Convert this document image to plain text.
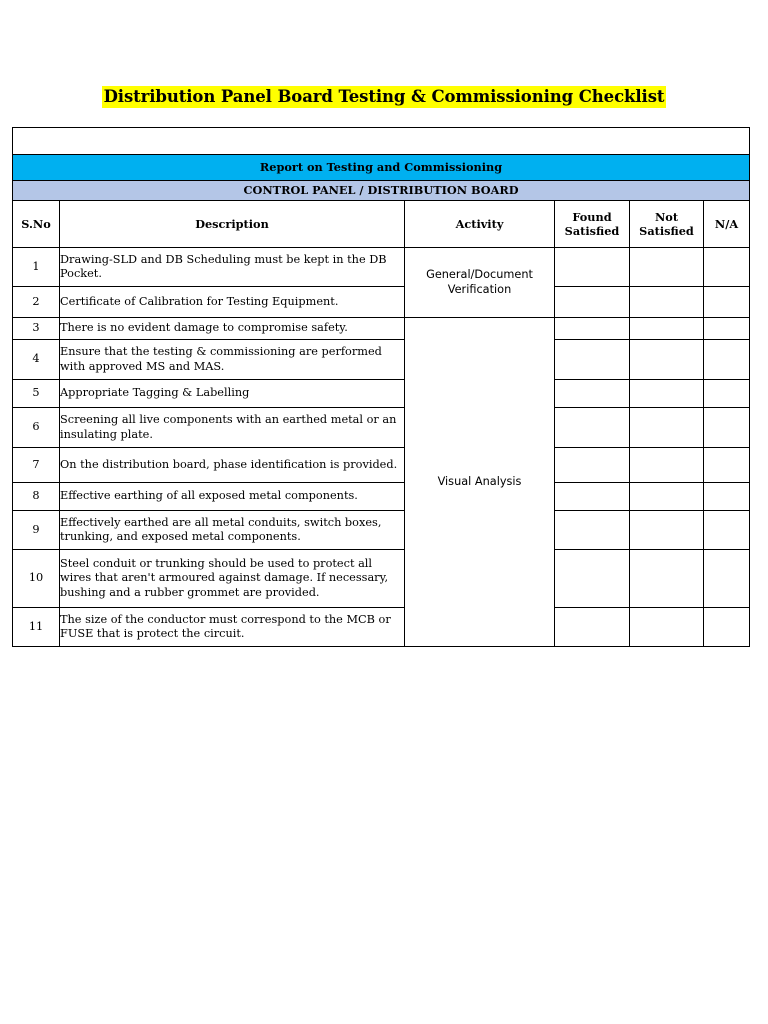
Distribution Panel Board Testing & Commissioning Checklist

Report on Testing and Commissioning					
CONTROL PANEL / DISTRIBUTION BOARD					
S.No	Description	Activity	Found Satisfied	Not Satisfied	N/A
1	Drawing-SLD and DB Scheduling must be kept in the DB Pocket.	General/Document Verification			
2	Certificate of Calibration for Testing Equipment.				
3	There is no evident damage to compromise safety.	Visual Analysis			
4	Ensure that the testing & commissioning are performed with approved MS and MAS.				
5	Appropriate Tagging & Labelling				
6	Screening all live components with an earthed metal or an insulating plate.				
7	On the distribution board, phase identification is provided.				
8	Effective earthing of all exposed metal components.				
9	Effectively earthed are all metal conduits, switch boxes, trunking, and exposed metal components.				
10	Steel conduit or trunking should be used to protect all wires that aren't armoured against damage. If necessary, bushing and a rubber grommet are provided.				
11	The size of the conductor must correspond to the MCB or FUSE that is protect the circuit.				
